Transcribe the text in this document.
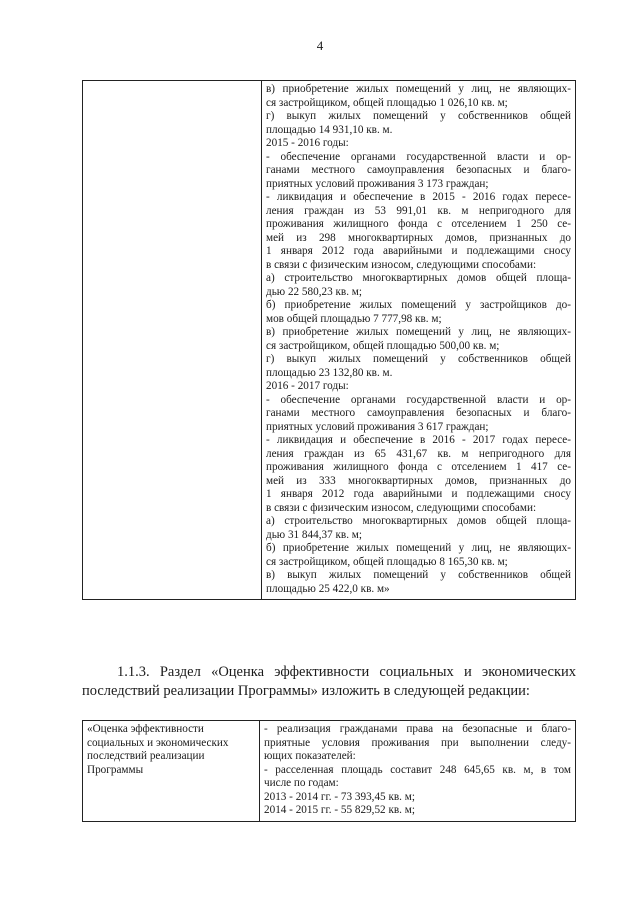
4

в) приобретение жилых помещений у лиц, не являющих-
ся застройщиком, общей площадью 1 026,10 кв. м;
г) выкуп жилых помещений у собственников общей
площадью 14 931,10 кв. м.
2015 - 2016 годы:
- обеспечение органами государственной власти и ор-
ганами местного самоуправления безопасных и благо-
приятных условий проживания 3 173 граждан;
- ликвидация и обеспечение в 2015 - 2016 годах пересе-
ления граждан из 53 991,01 кв. м непригодного для
проживания жилищного фонда с отселением 1 250 се-
мей из 298 многоквартирных домов, признанных до
1 января 2012 года аварийными и подлежащими сносу
в связи с физическим износом, следующими способами:
а) строительство многоквартирных домов общей площа-
дью 22 580,23 кв. м;
б) приобретение жилых помещений у застройщиков до-
мов общей площадью 7 777,98 кв. м;
в) приобретение жилых помещений у лиц, не являющих-
ся застройщиком, общей площадью 500,00 кв. м;
г) выкуп жилых помещений у собственников общей
площадью 23 132,80 кв. м.
2016 - 2017 годы:
- обеспечение органами государственной власти и ор-
ганами местного самоуправления безопасных и благо-
приятных условий проживания 3 617 граждан;
- ликвидация и обеспечение в 2016 - 2017 годах пересе-
ления граждан из 65 431,67 кв. м непригодного для
проживания жилищного фонда с отселением 1 417 се-
мей из 333 многоквартирных домов, признанных до
1 января 2012 года аварийными и подлежащими сносу
в связи с физическим износом, следующими способами:
а) строительство многоквартирных домов общей площа-
дью 31 844,37 кв. м;
б) приобретение жилых помещений у лиц, не являющих-
ся застройщиком, общей площадью 8 165,30 кв. м;
в) выкуп жилых помещений у собственников общей
площадью 25 422,0 кв. м»
1.1.3. Раздел «Оценка эффективности социальных и экономических
последствий реализации Программы» изложить в следующей редакции:
«Оценка эффективности
социальных и экономических
последствий реализации
Программы

- реализация гражданами права на безопасные и благо-
приятные условия проживания при выполнении следу-
ющих показателей:
- расселенная площадь составит 248 645,65 кв. м, в том
числе по годам:
2013 - 2014 гг. - 73 393,45 кв. м;
2014 - 2015 гг. - 55 829,52 кв. м;
